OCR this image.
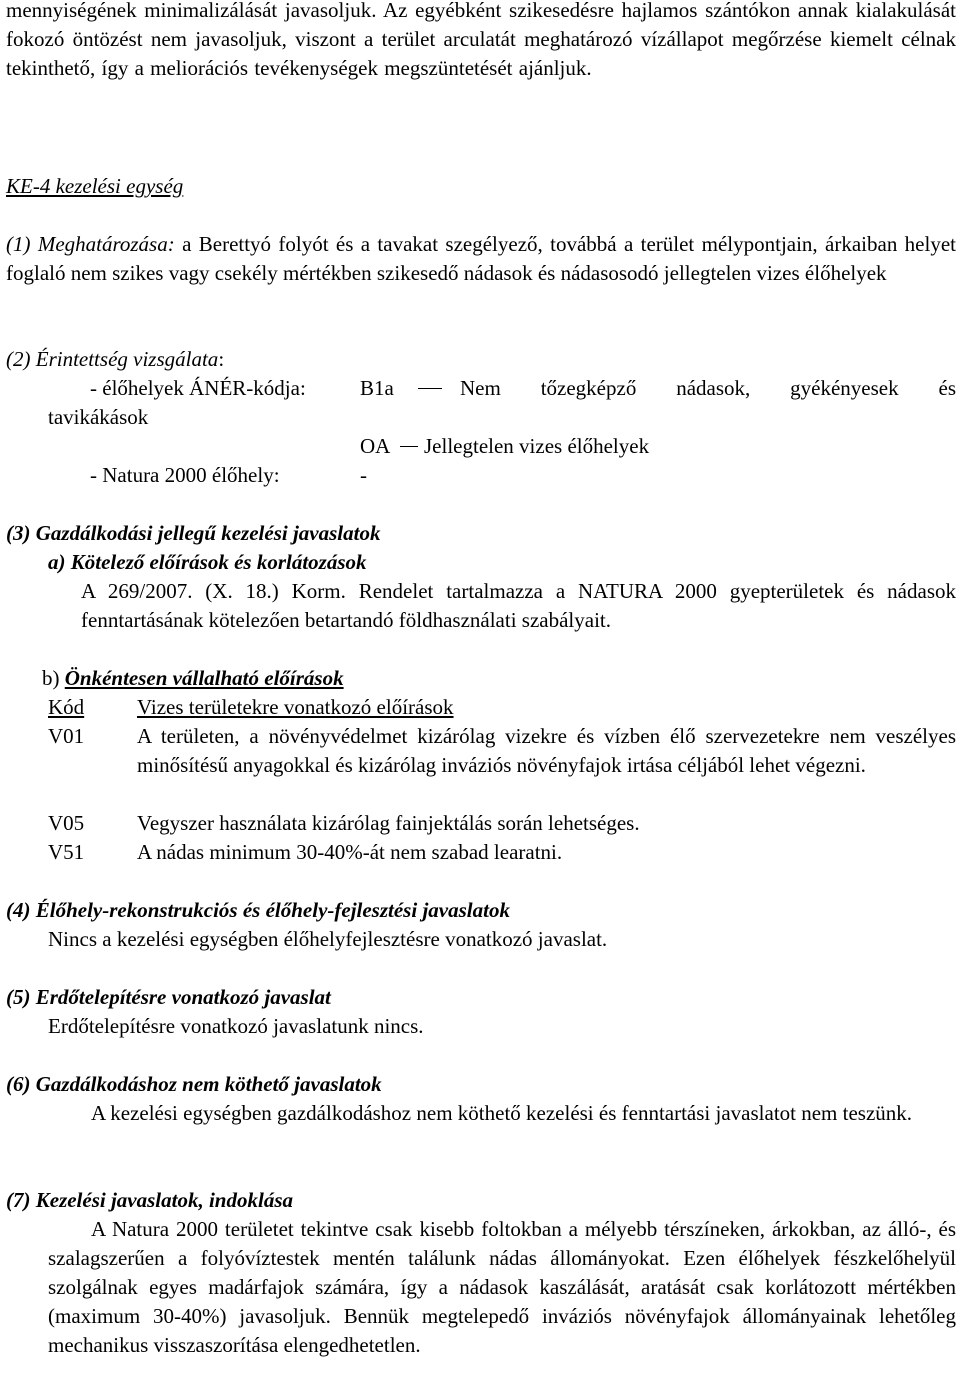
mennyiségének minimalizálását javasoljuk. Az egyébként szikesedésre hajlamos szántókon annak kialakulását fokozó öntözést nem javasoljuk, viszont a terület arculatát meghatározó vízállapot megőrzése kiemelt célnak tekinthető, így a meliorációs tevékenységek megszüntetését ajánljuk.

KE-4 kezelési egység

(1) Meghatározása: a Berettyó folyót és a tavakat szegélyező, továbbá a terület mélypontjain, árkaiban helyet foglaló nem szikes vagy csekély mértékben szikesedő nádasok és nádasosodó jellegtelen vizes élőhelyek

(2) Érintettség vizsgálata:
- élőhelyek ÁNÉR-kódja:	B1a	Nem tőzegképző nádasok, gyékényesek és
tavikákások
OA Jellegtelen vizes élőhelyek
- Natura 2000 élőhely:	-
(3) Gazdálkodási jellegű kezelési javaslatok
a) Kötelező előírások és korlátozások

A 269/2007. (X. 18.) Korm. Rendelet tartalmazza a NATURA 2000 gyepterületek és nádasok fenntartásának kötelezően betartandó földhasználati szabályait.

b) Önkéntesen vállalható előírások
Kód	Vizes területekre vonatkozó előírások
V01	A területen, a növényvédelmet kizárólag vizekre és vízben élő szervezetekre nem veszélyes minősítésű anyagokkal és kizárólag inváziós növényfajok irtása céljából lehet végezni.
V05	Vegyszer használata kizárólag fainjektálás során lehetséges.
V51	A nádas minimum 30-40%-át nem szabad learatni.
(4) Élőhely-rekonstrukciós és élőhely-fejlesztési javaslatok
Nincs a kezelési egységben élőhelyfejlesztésre vonatkozó javaslat.
(5) Erdőtelepítésre vonatkozó javaslat
Erdőtelepítésre vonatkozó javaslatunk nincs.
(6) Gazdálkodáshoz nem köthető javaslatok

A kezelési egységben gazdálkodáshoz nem köthető kezelési és fenntartási javaslatot nem teszünk.

(7) Kezelési javaslatok, indoklása

A Natura 2000 területet tekintve csak kisebb foltokban a mélyebb térszíneken, árkokban, az álló-, és szalagszerűen a folyóvíztestek mentén találunk nádas állományokat. Ezen élőhelyek fészkelőhelyül szolgálnak egyes madárfajok számára, így a nádasok kaszálását, aratását csak korlátozott mértékben (maximum 30-40%) javasoljuk. Bennük megtelepedő inváziós növényfajok állományainak lehetőleg mechanikus visszaszorítása elengedhetetlen.
